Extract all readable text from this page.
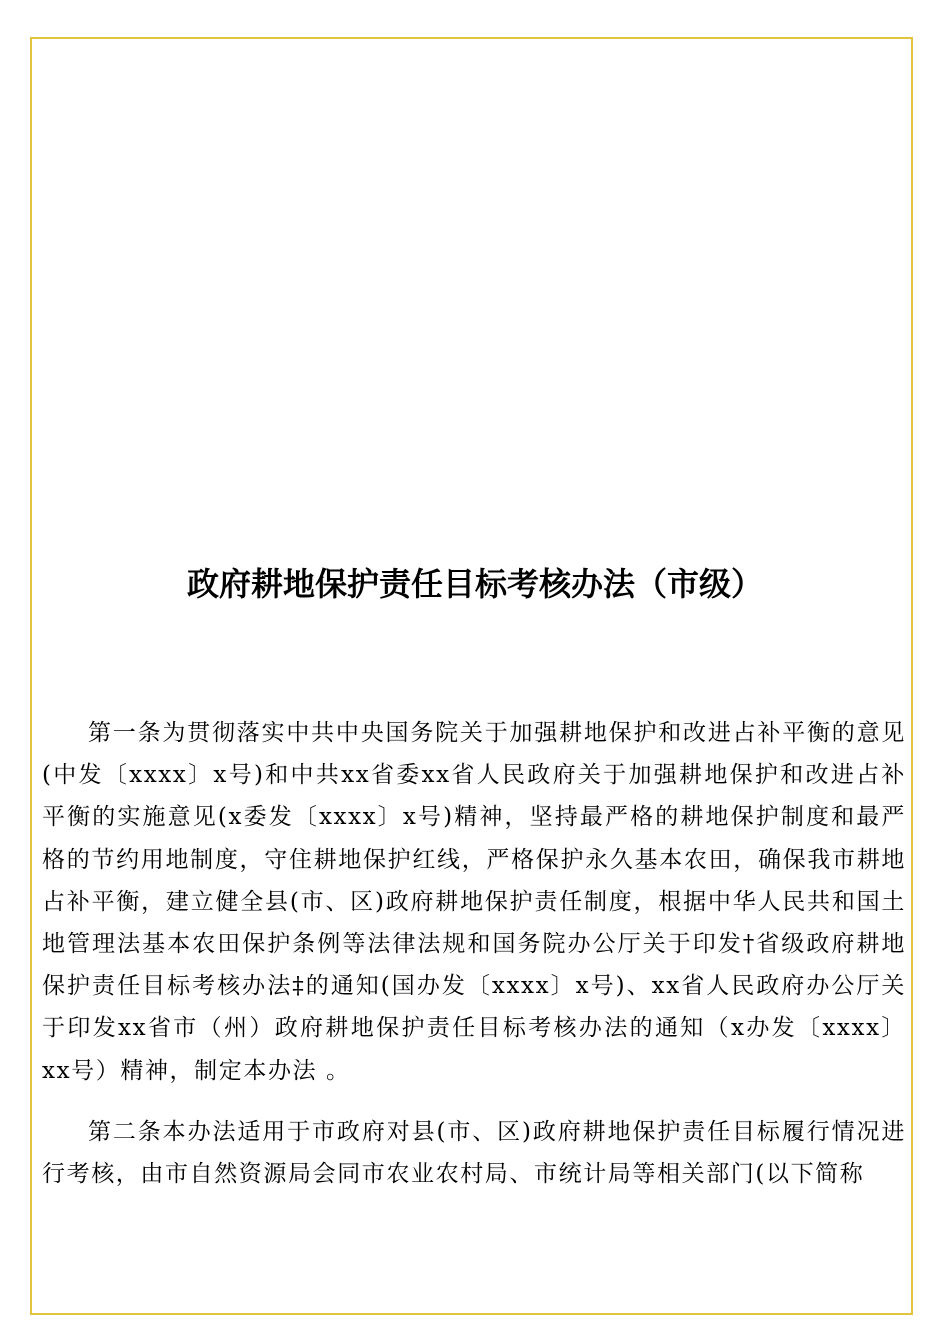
政府耕地保护责任目标考核办法（市级）

第一条为贯彻落实中共中央国务院关于加强耕地保护和改进占补平衡的意见(中发〔xxxx〕x号)和中共xx省委xx省人民政府关于加强耕地保护和改进占补平衡的实施意见(x委发〔xxxx〕x号)精神，坚持最严格的耕地保护制度和最严格的节约用地制度，守住耕地保护红线，严格保护永久基本农田，确保我市耕地占补平衡，建立健全县(市、区)政府耕地保护责任制度，根据中华人民共和国土地管理法基本农田保护条例等法律法规和国务院办公厅关于印发†省级政府耕地保护责任目标考核办法‡的通知(国办发〔xxxx〕x号)、xx省人民政府办公厅关于印发xx省市（州）政府耕地保护责任目标考核办法的通知（x办发〔xxxx〕xx号）精神，制定本办法 。

第二条本办法适用于市政府对县(市、区)政府耕地保护责任目标履行情况进行考核，由市自然资源局会同市农业农村局、市统计局等相关部门(以下简称
